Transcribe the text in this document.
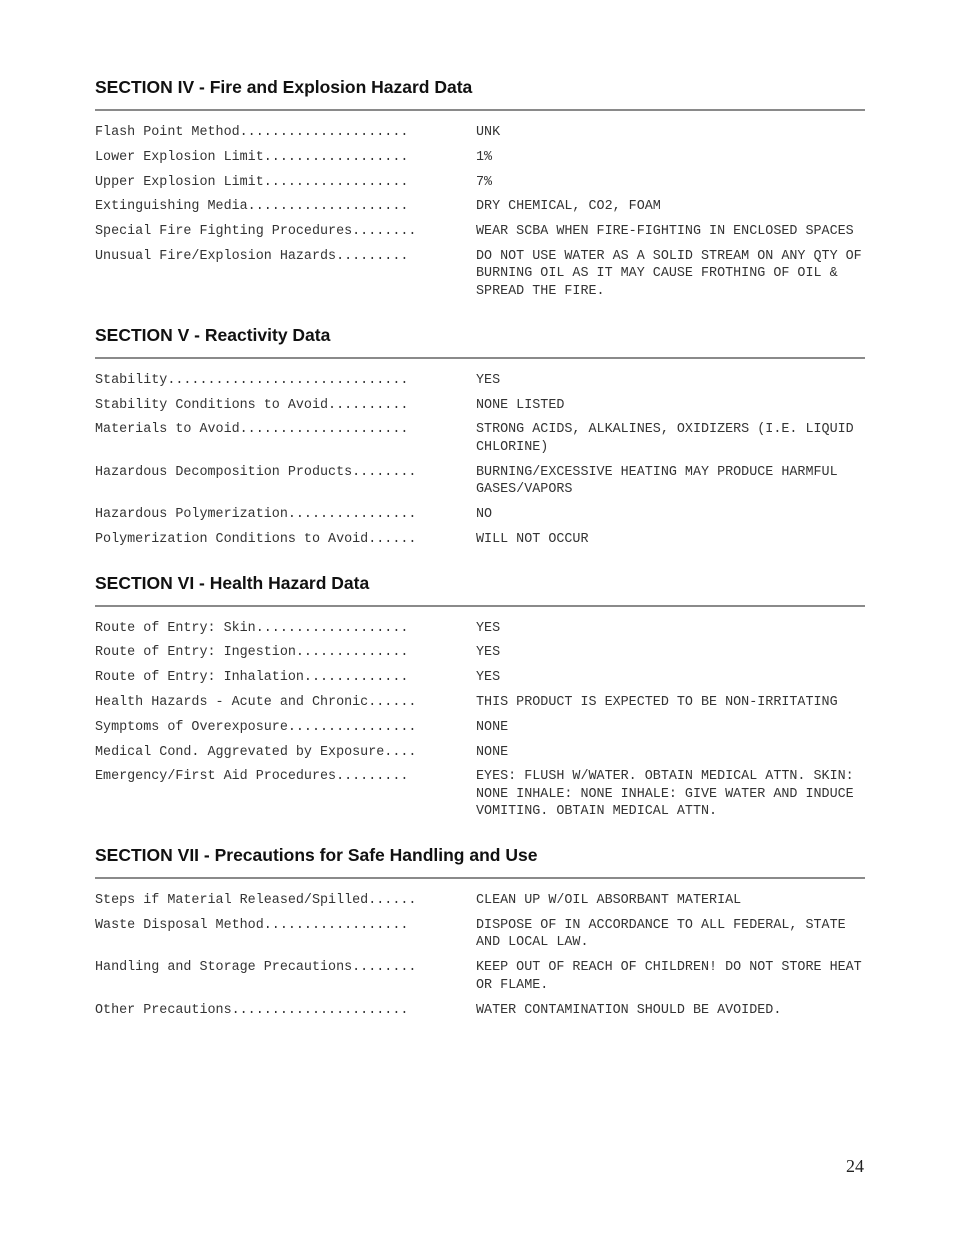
SECTION IV - Fire and Explosion Hazard Data
Flash Point Method.....................	UNK
Lower Explosion Limit..................	1%
Upper Explosion Limit..................	7%
Extinguishing Media....................	DRY CHEMICAL, CO2, FOAM
Special Fire Fighting Procedures........	WEAR SCBA WHEN FIRE-FIGHTING IN ENCLOSED SPACES
Unusual Fire/Explosion Hazards.........	DO NOT USE WATER AS A SOLID STREAM ON ANY QTY OF BURNING OIL AS IT MAY CAUSE FROTHING OF OIL & SPREAD THE FIRE.
SECTION V - Reactivity Data
Stability..............................	YES
Stability Conditions to Avoid..........	NONE LISTED
Materials to Avoid.....................	STRONG ACIDS, ALKALINES, OXIDIZERS (I.E. LIQUID CHLORINE)
Hazardous Decomposition Products........	BURNING/EXCESSIVE HEATING MAY PRODUCE HARMFUL GASES/VAPORS
Hazardous Polymerization................	NO
Polymerization Conditions to Avoid......	WILL NOT OCCUR
SECTION VI - Health Hazard Data
Route of Entry: Skin...................	YES
Route of Entry: Ingestion..............	YES
Route of Entry: Inhalation.............	YES
Health Hazards - Acute and Chronic......	THIS PRODUCT IS EXPECTED TO BE NON-IRRITATING
Symptoms of Overexposure................	NONE
Medical Cond. Aggrevated by Exposure....	NONE
Emergency/First Aid Procedures.........	EYES: FLUSH W/WATER. OBTAIN MEDICAL ATTN. SKIN: NONE INHALE: NONE INHALE: GIVE WATER AND INDUCE VOMITING. OBTAIN MEDICAL ATTN.
SECTION VII - Precautions for Safe Handling and Use
Steps if Material Released/Spilled......	CLEAN UP W/OIL ABSORBANT MATERIAL
Waste Disposal Method..................	DISPOSE OF IN ACCORDANCE TO ALL FEDERAL, STATE AND LOCAL LAW.
Handling and Storage Precautions........	KEEP OUT OF REACH OF CHILDREN! DO NOT STORE HEAT OR FLAME.
Other Precautions......................	WATER CONTAMINATION SHOULD BE AVOIDED.
24
